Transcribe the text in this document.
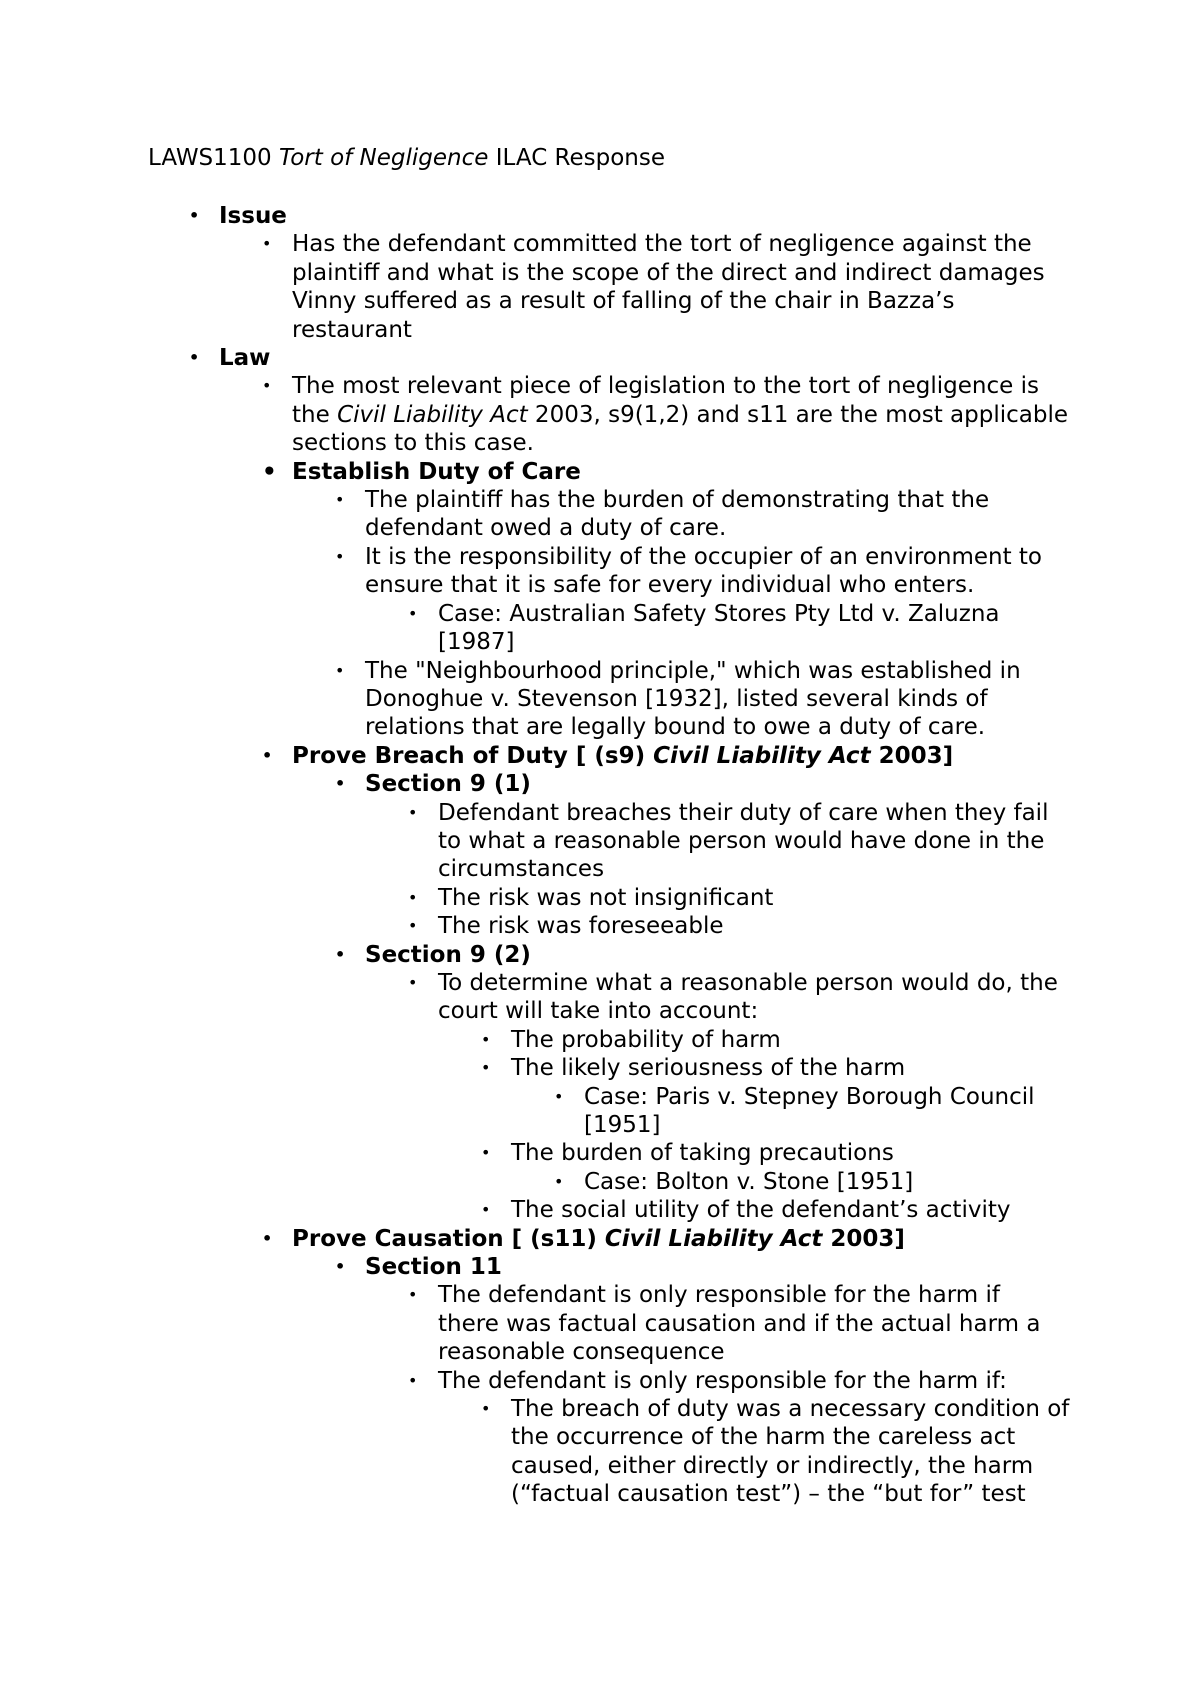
LAWS1100 Tort of Negligence ILAC Response
• Issue
• Has the defendant committed the tort of negligence against the plaintiff and what is the scope of the direct and indirect damages Vinny suffered as a result of falling of the chair in Bazza’s restaurant
• Law
• The most relevant piece of legislation to the tort of negligence is the Civil Liability Act 2003, s9(1,2) and s11 are the most applicable sections to this case.
• Establish Duty of Care
• The plaintiff has the burden of demonstrating that the defendant owed a duty of care.
• It is the responsibility of the occupier of an environment to ensure that it is safe for every individual who enters.
• Case: Australian Safety Stores Pty Ltd v. Zaluzna [1987]
• The "Neighbourhood principle," which was established in Donoghue v. Stevenson [1932], listed several kinds of relations that are legally bound to owe a duty of care.
• Prove Breach of Duty [ (s9) Civil Liability Act 2003]
• Section 9 (1)
• Defendant breaches their duty of care when they fail to what a reasonable person would have done in the circumstances
• The risk was not insignificant
• The risk was foreseeable
• Section 9 (2)
• To determine what a reasonable person would do, the court will take into account:
• The probability of harm
• The likely seriousness of the harm
• Case: Paris v. Stepney Borough Council [1951]
• The burden of taking precautions
• Case: Bolton v. Stone [1951]
• The social utility of the defendant’s activity
• Prove Causation [ (s11) Civil Liability Act 2003]
• Section 11
• The defendant is only responsible for the harm if there was factual causation and if the actual harm a reasonable consequence
• The defendant is only responsible for the harm if:
• The breach of duty was a necessary condition of the occurrence of the harm the careless act caused, either directly or indirectly, the harm (“factual causation test”) – the “but for” test
